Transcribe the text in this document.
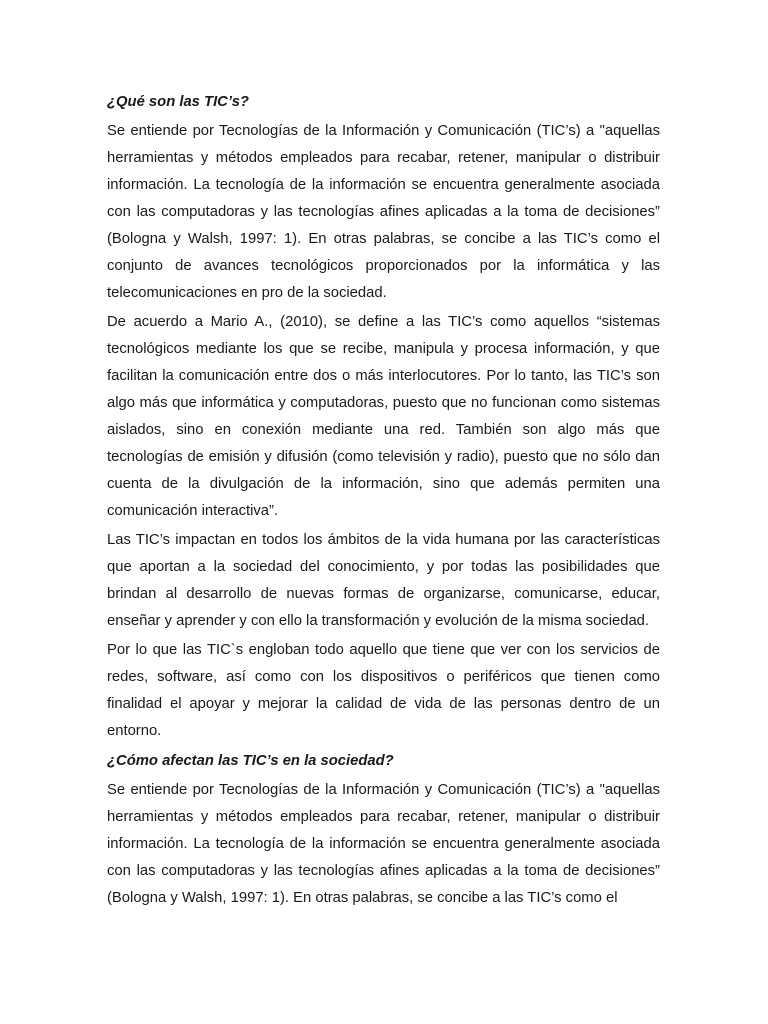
¿Qué son las TIC’s?

Se entiende por Tecnologías de la Información y Comunicación (TIC’s) a "aquellas herramientas y métodos empleados para recabar, retener, manipular o distribuir información. La tecnología de la información se encuentra generalmente asociada con las computadoras y las tecnologías afines aplicadas a la toma de decisiones” (Bologna y Walsh, 1997: 1). En otras palabras, se concibe a las TIC’s como el conjunto de avances tecnológicos proporcionados por la informática y las telecomunicaciones en pro de la sociedad.

De acuerdo a Mario A., (2010), se define a las TIC’s como aquellos “sistemas tecnológicos mediante los que se recibe, manipula y procesa información, y que facilitan la comunicación entre dos o más interlocutores. Por lo tanto, las TIC’s son algo más que informática y computadoras, puesto que no funcionan como sistemas aislados, sino en conexión mediante una red. También son algo más que tecnologías de emisión y difusión (como televisión y radio), puesto que no sólo dan cuenta de la divulgación de la información, sino que además permiten una comunicación interactiva”.

Las TIC’s impactan en todos los ámbitos de la vida humana por las características que aportan a la sociedad del conocimiento, y por todas las posibilidades que brindan al desarrollo de nuevas formas de organizarse, comunicarse, educar, enseñar y aprender y con ello la transformación y evolución de la misma sociedad.

Por lo que las TIC`s engloban todo aquello que tiene que ver con los servicios de redes, software, así como con los dispositivos o periféricos que tienen como finalidad el apoyar y mejorar la calidad de vida de las personas dentro de un entorno.

¿Cómo afectan las TIC’s en la sociedad?

Se entiende por Tecnologías de la Información y Comunicación (TIC’s) a "aquellas herramientas y métodos empleados para recabar, retener, manipular o distribuir información. La tecnología de la información se encuentra generalmente asociada con las computadoras y las tecnologías afines aplicadas a la toma de decisiones” (Bologna y Walsh, 1997: 1). En otras palabras, se concibe a las TIC’s como el
